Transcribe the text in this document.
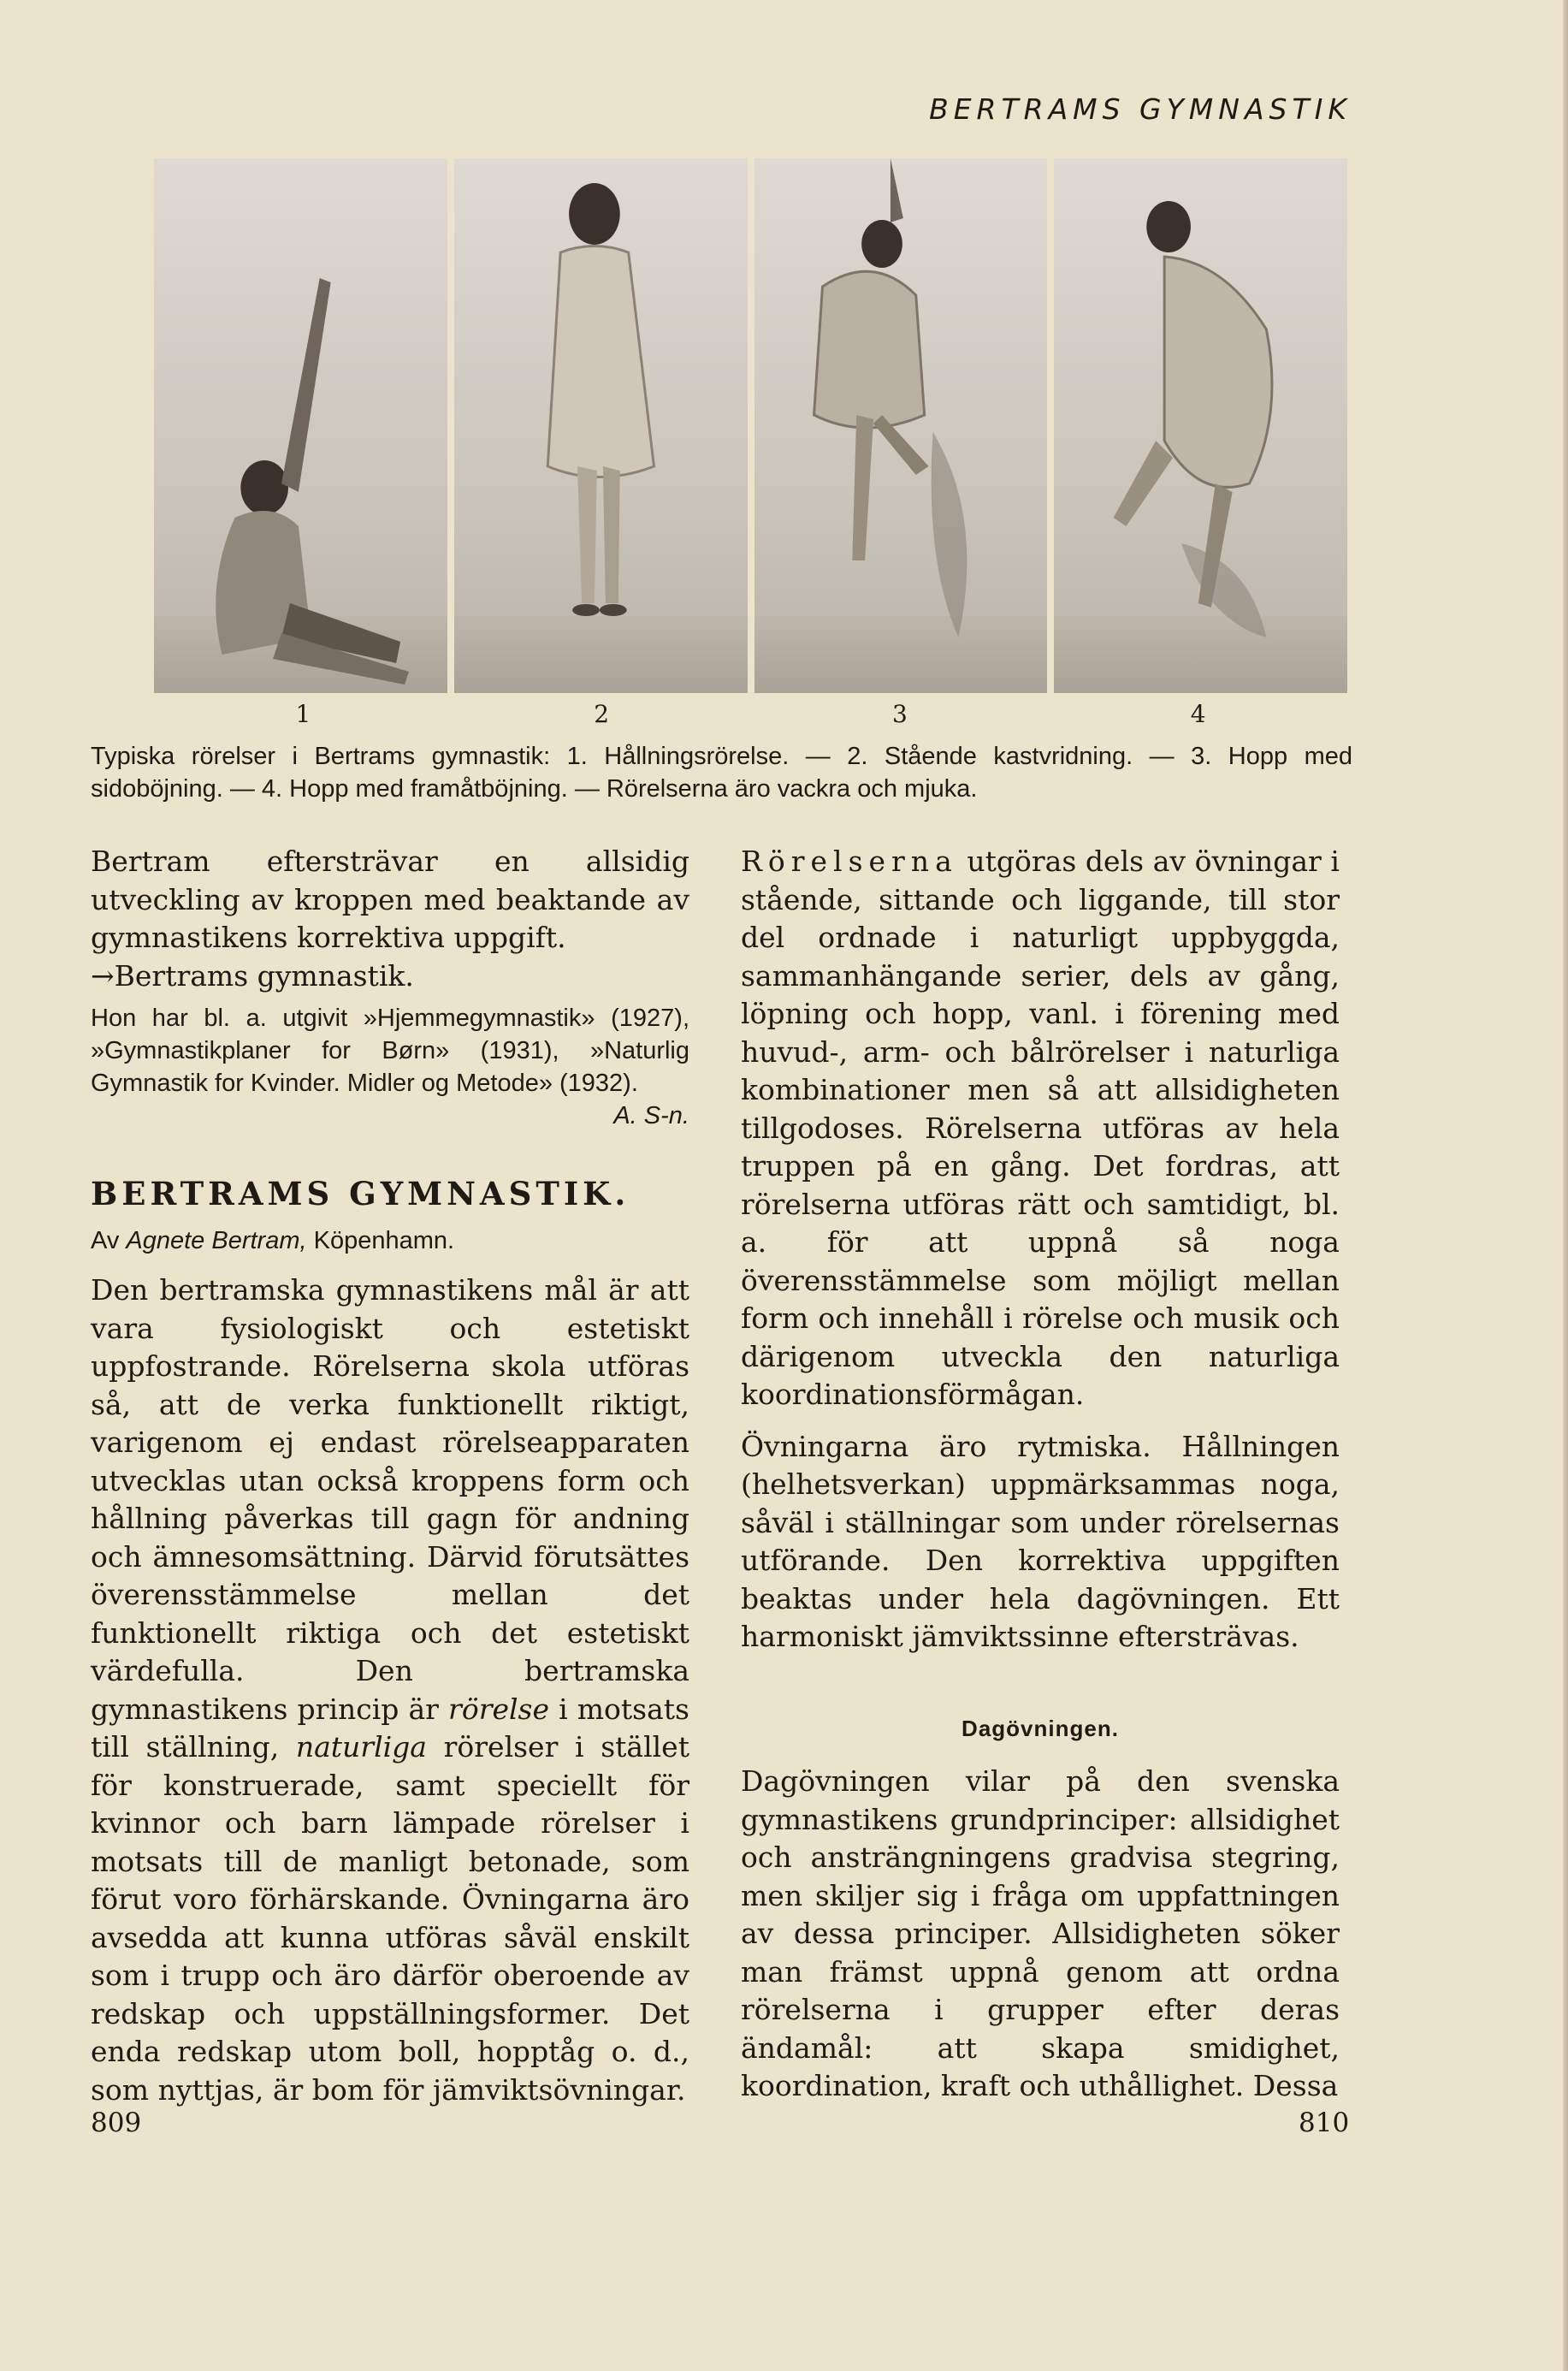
BERTRAMS GYMNASTIK
1	2	3	4
Typiska rörelser i Bertrams gymnastik: 1. Hållningsrörelse. — 2. Stående kastvridning. — 3. Hopp med sidoböjning. — 4. Hopp med framåtböjning. — Rörelserna äro vackra och mjuka.

Bertram eftersträvar en allsidig utveckling av kroppen med beaktande av gymnastikens korrektiva uppgift.

→Bertrams gymnastik.

Hon har bl. a. utgivit »Hjemmegymnastik» (1927), »Gymnastikplaner for Børn» (1931), »Naturlig Gymnastik for Kvinder. Midler og Metode» (1932).

A. S-n.
BERTRAMS GYMNASTIK.
Av Agnete Bertram, Köpenhamn.

Den bertramska gymnastikens mål är att vara fysiologiskt och estetiskt uppfostrande. Rörelserna skola utföras så, att de verka funktionellt riktigt, varigenom ej endast rörelseapparaten utvecklas utan också kroppens form och hållning påverkas till gagn för andning och ämnesomsättning. Därvid förutsättes överensstämmelse mellan det funktionellt riktiga och det estetiskt värdefulla. Den bertramska gymnastikens princip är rörelse i motsats till ställning, naturliga rörelser i stället för konstruerade, samt speciellt för kvinnor och barn lämpade rörelser i motsats till de manligt betonade, som förut voro förhärskande. Övningarna äro avsedda att kunna utföras såväl enskilt som i trupp och äro därför oberoende av redskap och uppställningsformer. Det enda redskap utom boll, hopptåg o. d., som nyttjas, är bom för jämviktsövningar.

Rörelserna utgöras dels av övningar i stående, sittande och liggande, till stor del ordnade i naturligt uppbyggda, sammanhängande serier, dels av gång, löpning och hopp, vanl. i förening med huvud-, arm- och bålrörelser i naturliga kombinationer men så att allsidigheten tillgodoses. Rörelserna utföras av hela truppen på en gång. Det fordras, att rörelserna utföras rätt och samtidigt, bl. a. för att uppnå så noga överensstämmelse som möjligt mellan form och innehåll i rörelse och musik och därigenom utveckla den naturliga koordinationsförmågan.

Övningarna äro rytmiska. Hållningen (helhetsverkan) uppmärksammas noga, såväl i ställningar som under rörelsernas utförande. Den korrektiva uppgiften beaktas under hela dagövningen. Ett harmoniskt jämviktssinne eftersträvas.

Dagövningen.

Dagövningen vilar på den svenska gymnastikens grundprinciper: allsidighet och ansträngningens gradvisa stegring, men skiljer sig i fråga om uppfattningen av dessa principer. Allsidigheten söker man främst uppnå genom att ordna rörelserna i grupper efter deras ändamål: att skapa smidighet, koordination, kraft och uthållighet. Dessa

809	810
